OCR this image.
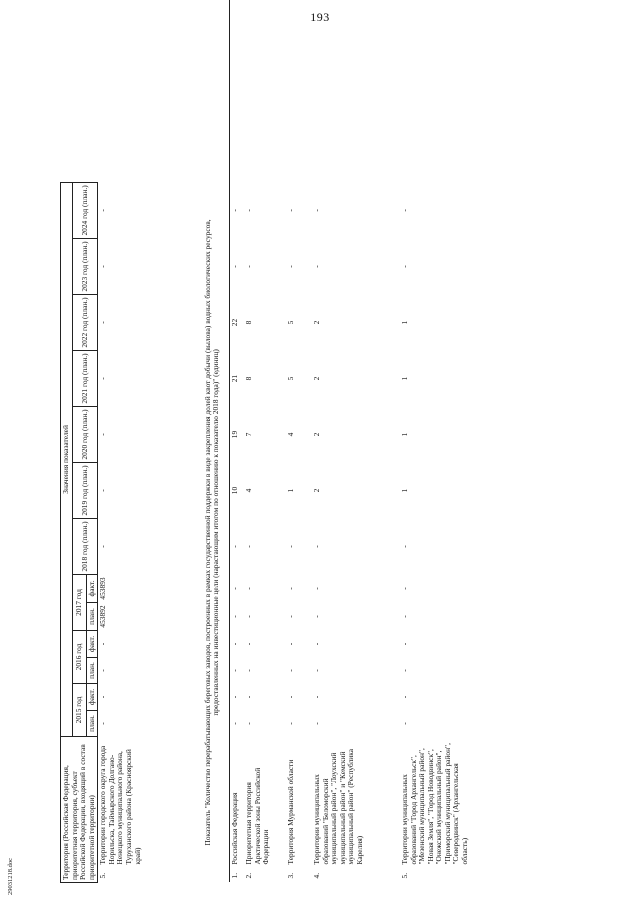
193
Территория (Российская Федерация, приоритетная территория, субъект Российской Федерации, входящий в состав приоритетной территории)		Значения показателей													
		2015 год		2016 год		2017 год		2018 год (план.)	2019 год (план.)	2020 год (план.)	2021 год (план.)	2022 год (план.)	2023 год (план.)	2024 год (план.)	
		план.	факт.	план.	факт.	план.	факт.								
5.	Территории городского округа города Норильска, Таймырского Долгано-Ненецкого муниципального района, Туруханского района (Красноярский край)	-	-	-	-	453892	453893	-	-	-	-	-	-	-	
Показатель "Количество перерабатывающих береговых заводов, построенных в рамках государственной поддержки в виде закрепления долей квот добычи (вылова) водных биологических ресурсов, предоставленных на инвестиционные цели (нарастающим итогом по отношению к показателю 2018 года)" (единиц)															

1.	Российская Федерация	-	-	-	-	-	-	-	10	19	21	22	-	-	
2.	Приоритетная территория Арктической зоны Российской Федерации	-	-	-	-	-	-	-	4	7	8	8	-	-	
3.	Территория Мурманской области	-	-	-	-	-	-	-	1	4	5	5	-	-	
4.	Территории муниципальных образований "Беломорский муниципальный район", "Лоухский муниципальный район" и "Кемский муниципальный район" (Республика Карелия)	-	-	-	-	-	-	-	2	2	2	2	-	-	
5.	Территории муниципальных образований "Город Архангельск", "Мезенский муниципальный район", "Новая Земля", "Город Новодвинск", "Онежский муниципальный район", "Приморский муниципальный район", "Северодвинск" (Архангельская область)	-	-	-	-	-	-	-	1	1	1	1	-	-	
29031218.doc
